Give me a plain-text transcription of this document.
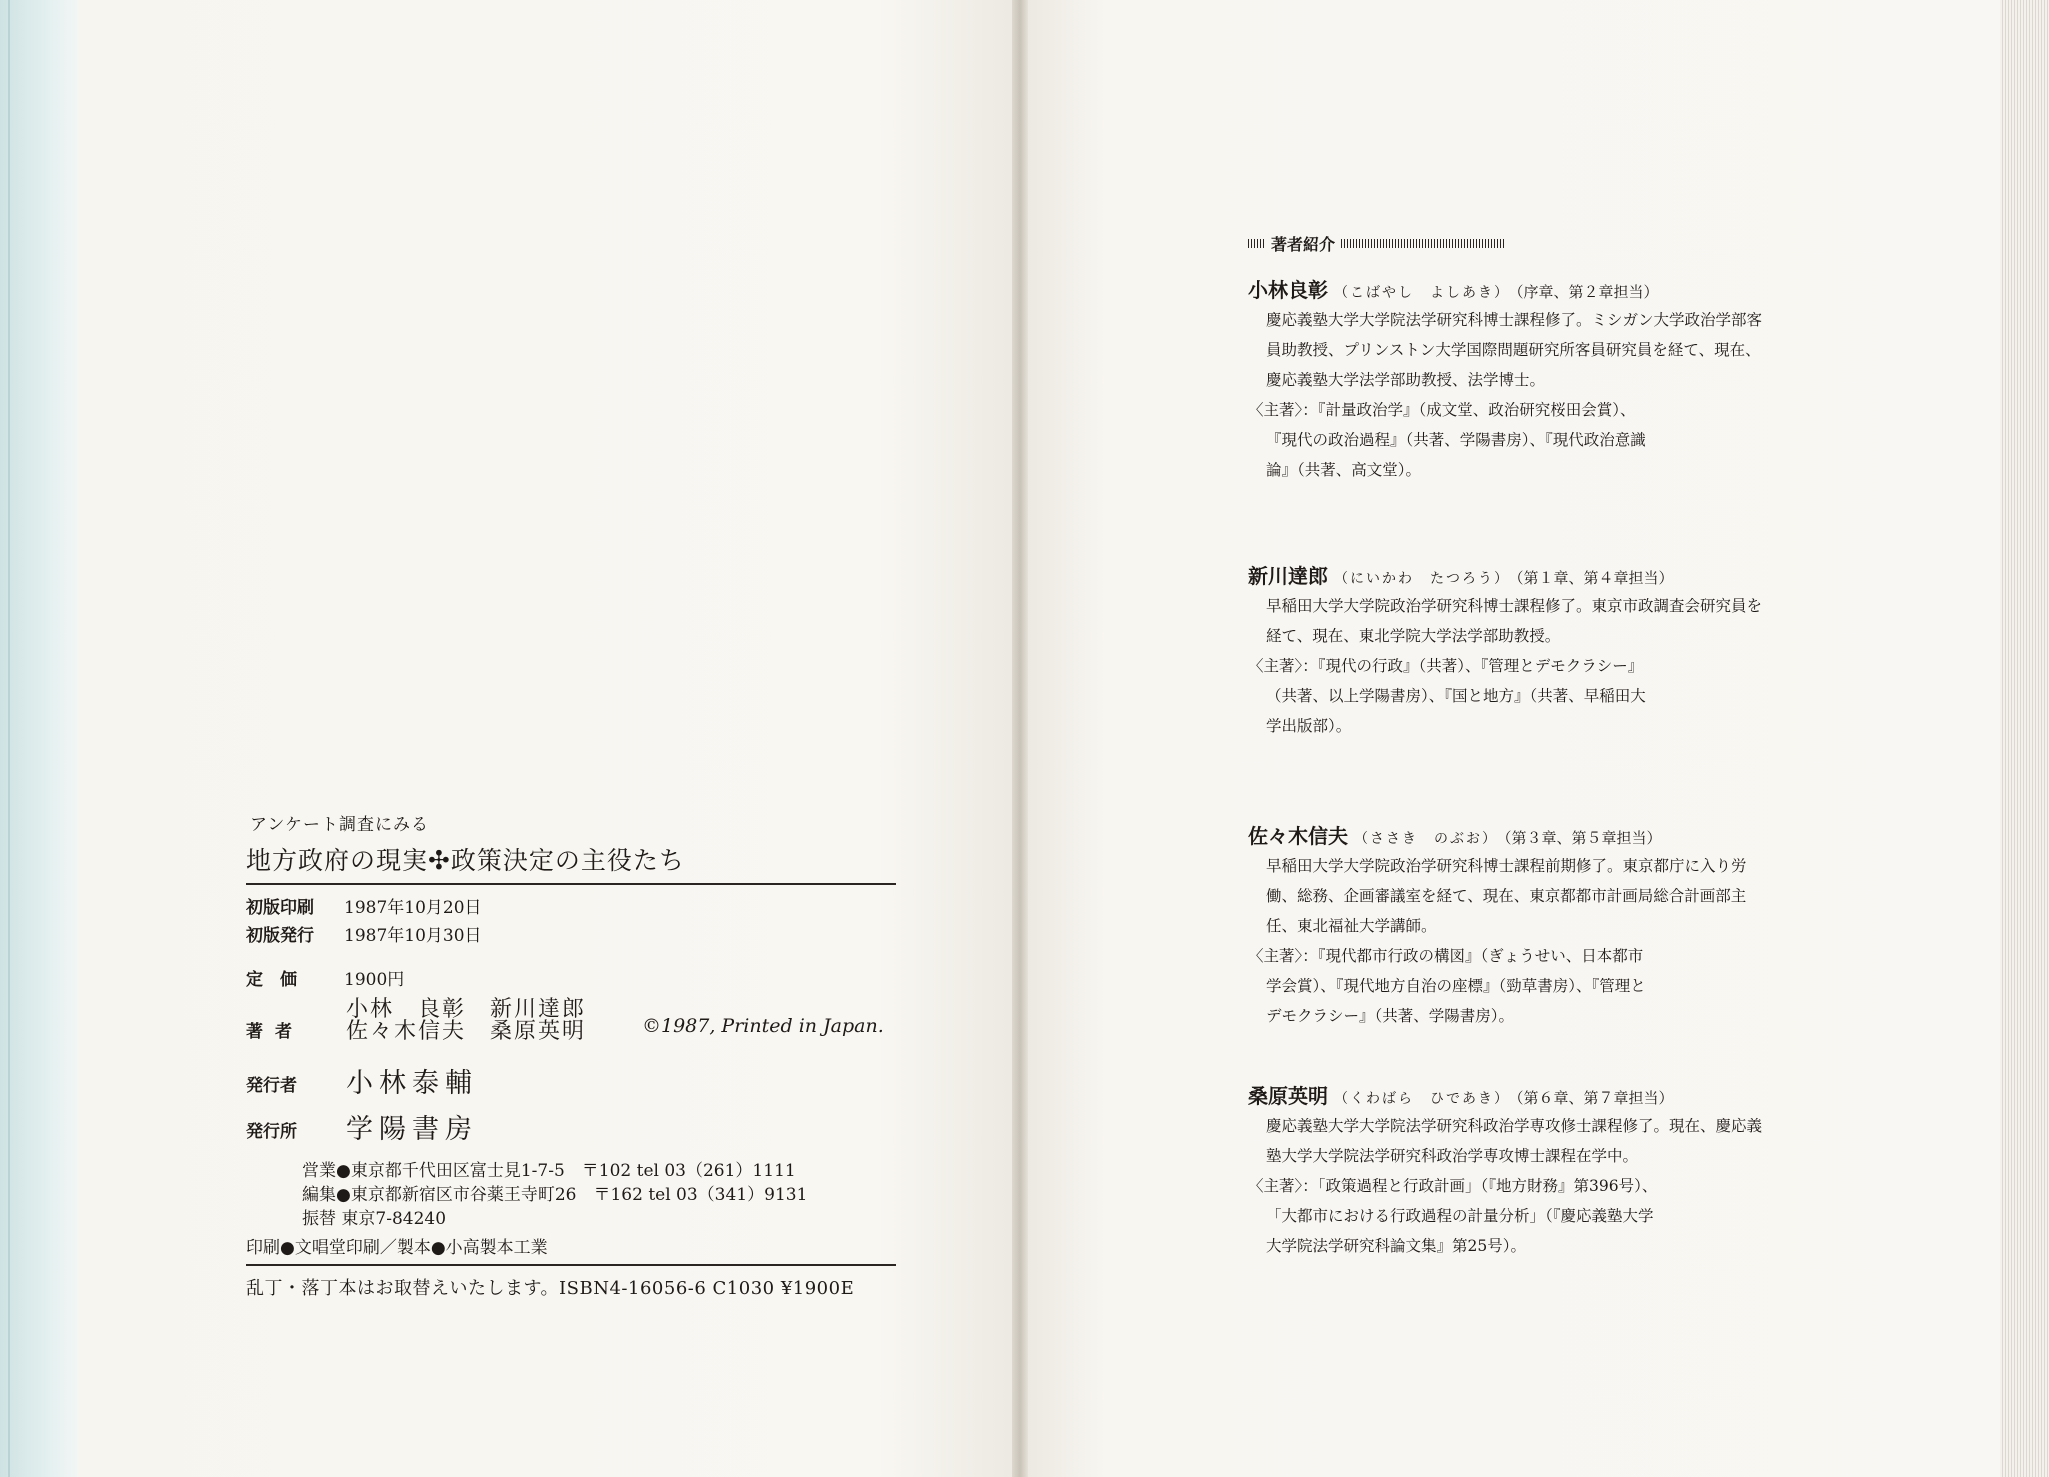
アンケート調査にみる
地方政府の現実✣政策決定の主役たち
初版印刷 1987年10月20日
初版発行 1987年10月30日
定　価	1900円
著者
小林　良彰　新川達郎
佐々木信夫　桑原英明	©1987, Printed in Japan.
発行者	小林泰輔
発行所	学陽書房
営業●東京都千代田区富士見1-7-5　〒102 tel 03（261）1111
編集●東京都新宿区市谷薬王寺町26　〒162 tel 03（341）9131
振替 東京7-84240
印刷●文唱堂印刷／製本●小高製本工業
乱丁・落丁本はお取替えいたします。ISBN4-16056-6 C1030 ¥1900E
著者紹介
小林良彰 （こばやし　よしあき） （序章、第２章担当）
慶応義塾大学大学院法学研究科博士課程修了。ミシガン大学政治学部客員助教授、プリンストン大学国際問題研究所客員研究員を経て、現在、慶応義塾大学法学部助教授、法学博士。
〈主著〉：『計量政治学』（成文堂、政治研究桜田会賞）、
『現代の政治過程』（共著、学陽書房）、『現代政治意識
論』（共著、高文堂）。
新川達郎 （にいかわ　たつろう） （第１章、第４章担当）
早稲田大学大学院政治学研究科博士課程修了。東京市政調査会研究員を経て、現在、東北学院大学法学部助教授。
〈主著〉：『現代の行政』（共著）、『管理とデモクラシー』
（共著、以上学陽書房）、『国と地方』（共著、早稲田大
学出版部）。
佐々木信夫 （ささき　のぶお） （第３章、第５章担当）
早稲田大学大学院政治学研究科博士課程前期修了。東京都庁に入り労働、総務、企画審議室を経て、現在、東京都都市計画局総合計画部主任、東北福祉大学講師。
〈主著〉：『現代都市行政の構図』（ぎょうせい、日本都市
学会賞）、『現代地方自治の座標』（勁草書房）、『管理と
デモクラシー』（共著、学陽書房）。
桑原英明 （くわばら　ひであき） （第６章、第７章担当）
慶応義塾大学大学院法学研究科政治学専攻修士課程修了。現在、慶応義塾大学大学院法学研究科政治学専攻博士課程在学中。
〈主著〉：「政策過程と行政計画」（『地方財務』第396号）、
「大都市における行政過程の計量分析」（『慶応義塾大学
大学院法学研究科論文集』第25号）。
